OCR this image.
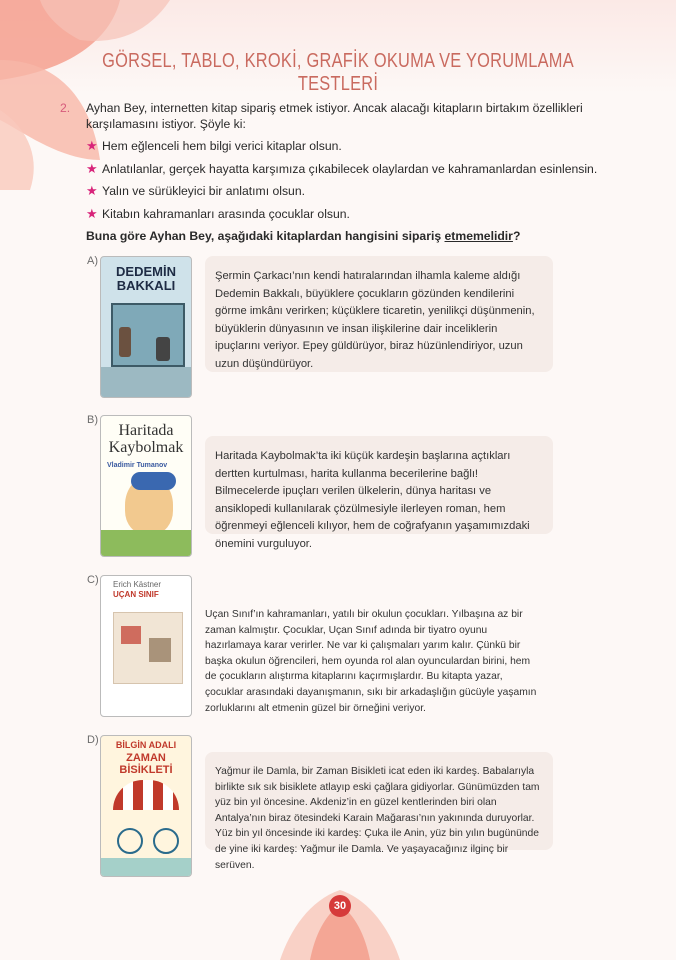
GÖRSEL, TABLO, KROKİ, GRAFİK OKUMA VE YORUMLAMA TESTLERİ
2. Ayhan Bey, internetten kitap sipariş etmek istiyor. Ancak alacağı kitapların birtakım özellikleri karşılamasını istiyor. Şöyle ki:
★ Hem eğlenceli hem bilgi verici kitaplar olsun.
★ Anlatılanlar, gerçek hayatta karşımıza çıkabilecek olaylardan ve kahramanlardan esinlensin.
★ Yalın ve sürükleyici bir anlatımı olsun.
★ Kitabın kahramanları arasında çocuklar olsun.
Buna göre Ayhan Bey, aşağıdaki kitaplardan hangisini sipariş etmemelidir?
A)
DEDEMİN
BAKKALI
Şermin Çarkacı’nın kendi hatıralarından ilhamla kaleme aldığı Dedemin Bakkalı, büyüklere çocukların gözünden kendilerini görme imkânı verirken; küçüklere ticaretin, yenilikçi düşünmenin, büyüklerin dünyasının ve insan ilişkilerine dair inceliklerin ipuçlarını veriyor. Epey güldürüyor, biraz hüzünlendiriyor, uzun uzun düşündürüyor.
B)
Haritada
Kaybolmak
Vladimir Tumanov
Haritada Kaybolmak’ta iki küçük kardeşin başlarına açtıkları dertten kurtulması, harita kullanma becerilerine bağlı! Bilmecelerde ipuçları verilen ülkelerin, dünya haritası ve ansiklopedi kullanılarak çözülmesiyle ilerleyen roman, hem öğrenmeyi eğlenceli kılıyor, hem de coğrafyanın yaşamımızdaki önemini vurguluyor.
C) Erich Kästner
UÇAN SINIF
Uçan Sınıf’ın kahramanları, yatılı bir okulun çocukları. Yılbaşına az bir zaman kalmıştır. Çocuklar, Uçan Sınıf adında bir tiyatro oyunu hazırlamaya karar verirler. Ne var ki çalışmaları yarım kalır. Çünkü bir başka okulun öğrencileri, hem oyunda rol alan oyunculardan birini, hem de çocukların alıştırma kitaplarını kaçırmışlardır. Bu kitapta yazar, çocuklar arasındaki dayanışmanın, sıkı bir arkadaşlığın gücüyle yaşamın zorluklarını alt etmenin güzel bir örneğini veriyor.
D)	BİLGİN ADALI
ZAMAN BİSİKLETİ	Yağmur ile Damla, bir Zaman Bisikleti icat eden iki kardeş. Babalarıyla birlikte sık sık bisiklete atlayıp eski çağlara gidiyorlar. Günümüzden tam yüz bin yıl öncesine. Akdeniz’in en güzel kentlerinden biri olan Antalya’nın biraz ötesindeki Karain Mağarası’nın yakınında duruyorlar. Yüz bin yıl öncesinde iki kardeş: Çuka ile Anin, yüz bin yılın bugününde de yine iki kardeş: Yağmur ile Damla. Ve yaşayacağınız ilginç bir serüven.
30
